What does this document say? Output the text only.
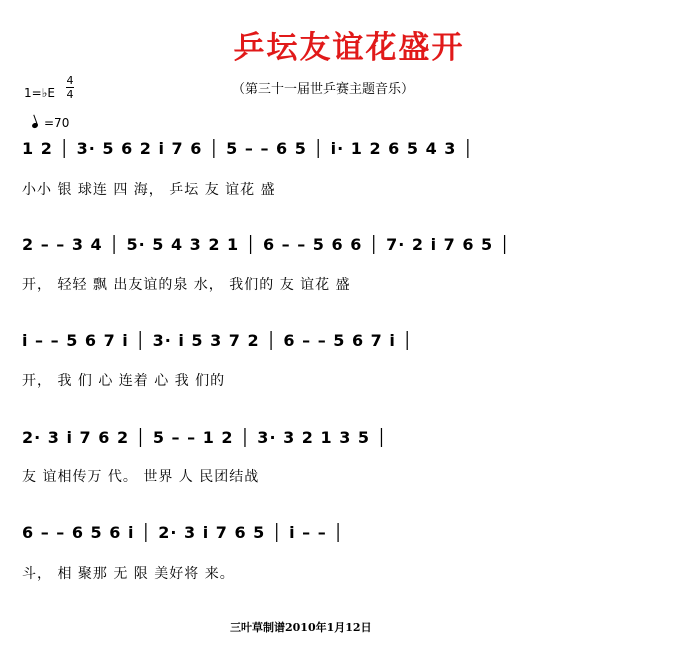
乒坛友谊花盛开
（第三十一届世乒赛主题音乐）
1=♭E
4
4
=70
1 2 │ 3· 5 6 2 i 7 6 │ 5 – – 6 5 │ i· 1 2 6 5 4 3 │
小小 银 球连 四 海， 乒坛 友 谊花 盛
2 – – 3 4 │ 5· 5 4 3 2 1 │ 6 – – 5 6 6 │ 7· 2 i 7 6 5 │
开， 轻轻 飘 出友谊的泉 水， 我们的 友 谊花 盛
i – – 5 6 7 i │ 3· i 5 3 7 2 │ 6 – – 5 6 7 i │
开， 我 们 心 连着 心 我 们的
2· 3 i 7 6 2 │ 5 – – 1 2 │ 3· 3 2 1 3 5 │
友 谊相传万 代。 世界 人 民团结战
6 – – 6 5 6 i │ 2· 3 i 7 6 5 │ i – – │
斗， 相 聚那 无 限 美好将 来。
三叶草制谱2010年1月12日
